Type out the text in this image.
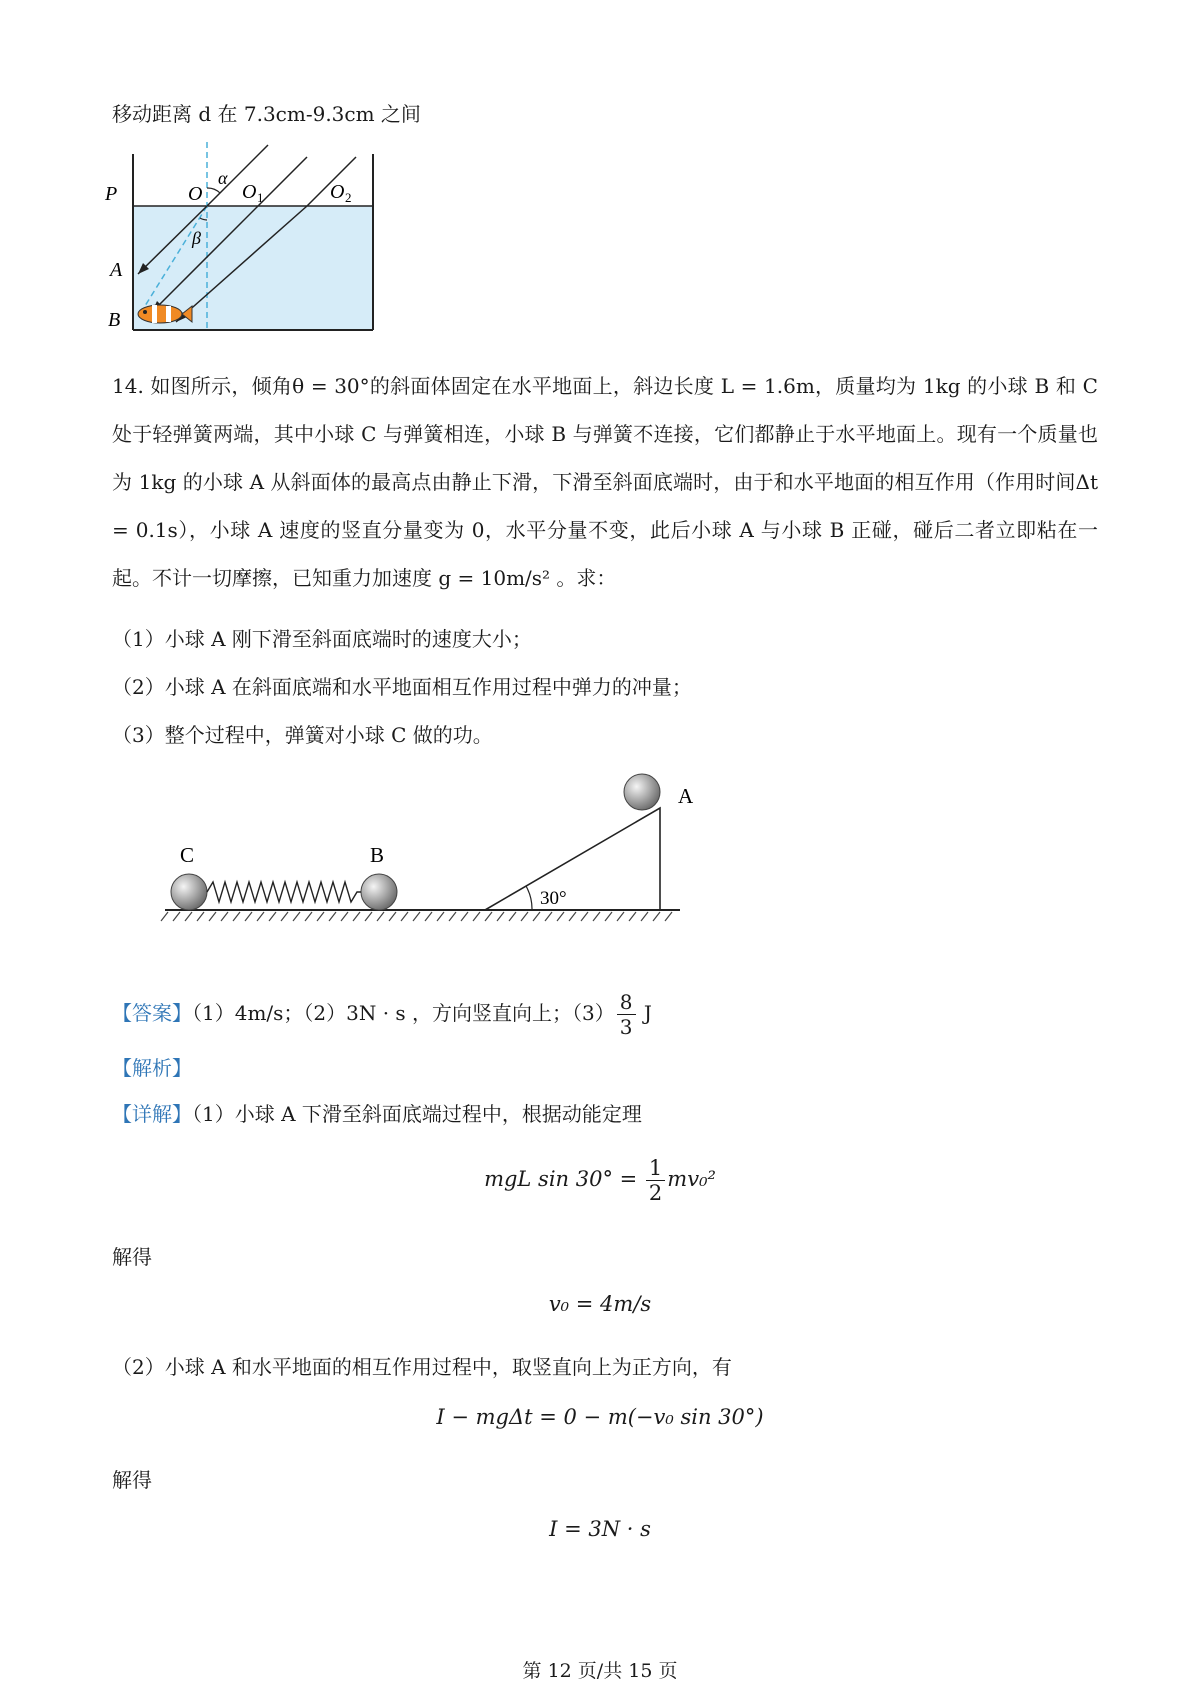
移动距离 d 在 7.3cm-9.3cm 之间
P	O
α
O 1	O 2
β
A
B
14. 如图所示，倾角θ = 30°的斜面体固定在水平地面上，斜边长度 L = 1.6m，质量均为 1kg 的小球 B 和 C 处于轻弹簧两端，其中小球 C 与弹簧相连，小球 B 与弹簧不连接，它们都静止于水平地面上。现有一个质量也为 1kg 的小球 A 从斜面体的最高点由静止下滑，下滑至斜面底端时，由于和水平地面的相互作用（作用时间Δt = 0.1s），小球 A 速度的竖直分量变为 0，水平分量不变，此后小球 A 与小球 B 正碰，碰后二者立即粘在一起。不计一切摩擦，已知重力加速度 g = 10m/s² 。求：
（1）小球 A 刚下滑至斜面底端时的速度大小；
（2）小球 A 在斜面底端和水平地面相互作用过程中弹力的冲量；
（3）整个过程中，弹簧对小球 C 做的功。
30°
A
C	B
【答案】（1）4m/s；（2）3N · s ，方向竖直向上；$(3) \frac{8}{3}$ J
【解析】
【详解】（1）小球 A 下滑至斜面底端过程中，根据动能定理
mgL $\sin 30^\circ = \frac{1}{2} mv_0^2$
解得
v₀ = 4m/s
（2）小球 A 和水平地面的相互作用过程中，取竖直向上为正方向，有
I − mgΔt = 0 − m(−v₀ sin 30°)
解得
I = 3N · s
第 12 页/共 15 页
